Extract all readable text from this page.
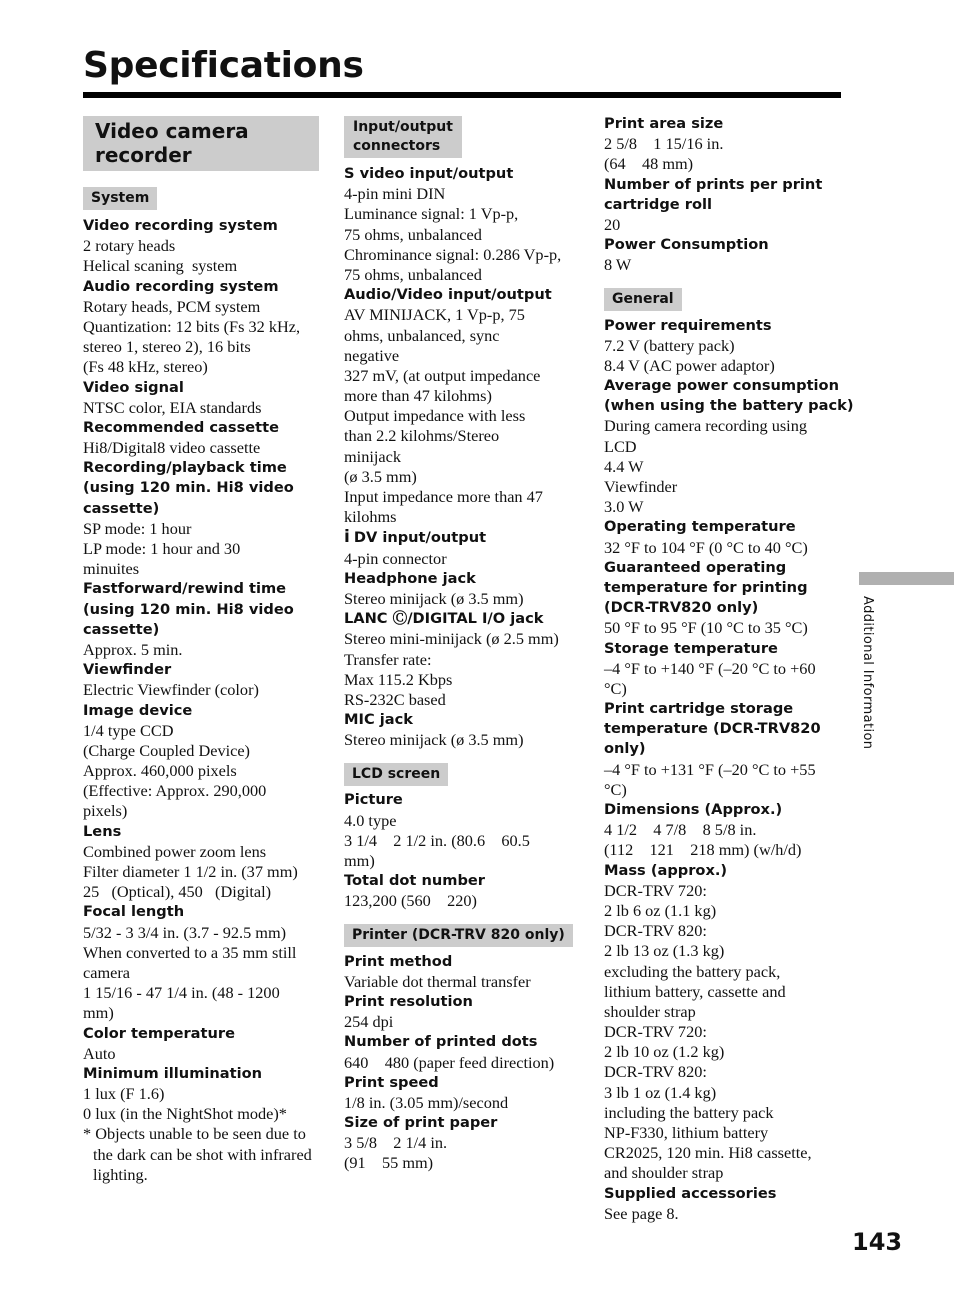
Specifications
Video camera recorder
System
Video recording system
2 rotary heads
Helical scaning  system
Audio recording system
Rotary heads, PCM system
Quantization: 12 bits (Fs 32 kHz,
stereo 1, stereo 2), 16 bits
(Fs 48 kHz, stereo)
Video signal
NTSC color, EIA standards
Recommended cassette
Hi8/Digital8 video cassette
Recording/playback time
(using 120 min. Hi8 video
cassette)
SP mode: 1 hour
LP mode: 1 hour and 30
minuites
Fastforward/rewind time
(using 120 min. Hi8 video
cassette)
Approx. 5 min.
Viewfinder
Electric Viewfinder (color)
Image device
1/4 type CCD
(Charge Coupled Device)
Approx. 460,000 pixels
(Effective: Approx. 290,000
pixels)
Lens
Combined power zoom lens
Filter diameter 1 1/2 in. (37 mm)
25   (Optical), 450   (Digital)
Focal length
5/32 - 3 3/4 in. (3.7 - 92.5 mm)
When converted to a 35 mm still
camera
1 15/16 - 47 1/4 in. (48 - 1200
mm)
Color temperature
Auto
Minimum illumination
1 lux (F 1.6)
0 lux (in the NightShot mode)*
* Objects unable to be seen due to the dark can be shot with infrared lighting.
Input/output
connectors
S video input/output
4-pin mini DIN
Luminance signal: 1 Vp-p,
75 ohms, unbalanced
Chrominance signal: 0.286 Vp-p,
75 ohms, unbalanced
Audio/Video input/output
AV MINIJACK, 1 Vp-p, 75
ohms, unbalanced, sync
negative
327 mV, (at output impedance
more than 47 kilohms)
Output impedance with less
than 2.2 kilohms/Stereo
minijack
(ø 3.5 mm)
Input impedance more than 47
kilohms
i DV input/output
4-pin connector
Headphone jack
Stereo minijack (ø 3.5 mm)
LANC Ⓒ/DIGITAL I/O jack
Stereo mini-minijack (ø 2.5 mm)
Transfer rate:
Max 115.2 Kbps
RS-232C based
MIC jack
Stereo minijack (ø 3.5 mm)
LCD screen
Picture
4.0 type
3 1/4    2 1/2 in. (80.6    60.5
mm)
Total dot number
123,200 (560    220)
Printer (DCR-TRV 820 only)
Print method
Variable dot thermal transfer
Print resolution
254 dpi
Number of printed dots
640    480 (paper feed direction)
Print speed
1/8 in. (3.05 mm)/second
Size of print paper
3 5/8    2 1/4 in.
(91    55 mm)
Print area size
2 5/8    1 15/16 in.
(64    48 mm)
Number of prints per print
cartridge roll
20
Power Consumption
8 W
General
Power requirements
7.2 V (battery pack)
8.4 V (AC power adaptor)
Average power consumption
(when using the battery pack)
During camera recording using
LCD
4.4 W
Viewfinder
3.0 W
Operating temperature
32 °F to 104 °F (0 °C to 40 °C)
Guaranteed operating
temperature for printing
(DCR-TRV820 only)
50 °F to 95 °F (10 °C to 35 °C)
Storage temperature
–4 °F to +140 °F (–20 °C to +60
°C)
Print cartridge storage
temperature (DCR-TRV820
only)
–4 °F to +131 °F (–20 °C to +55
°C)
Dimensions (Approx.)
4 1/2    4 7/8    8 5/8 in.
(112    121    218 mm) (w/h/d)
Mass (approx.)
DCR-TRV 720:
2 lb 6 oz (1.1 kg)
DCR-TRV 820:
2 lb 13 oz (1.3 kg)
excluding the battery pack,
lithium battery, cassette and
shoulder strap
DCR-TRV 720:
2 lb 10 oz (1.2 kg)
DCR-TRV 820:
3 lb 1 oz (1.4 kg)
including the battery pack
NP-F330, lithium battery
CR2025, 120 min. Hi8 cassette,
and shoulder strap
Supplied accessories
See page 8.
Additional Information
143
